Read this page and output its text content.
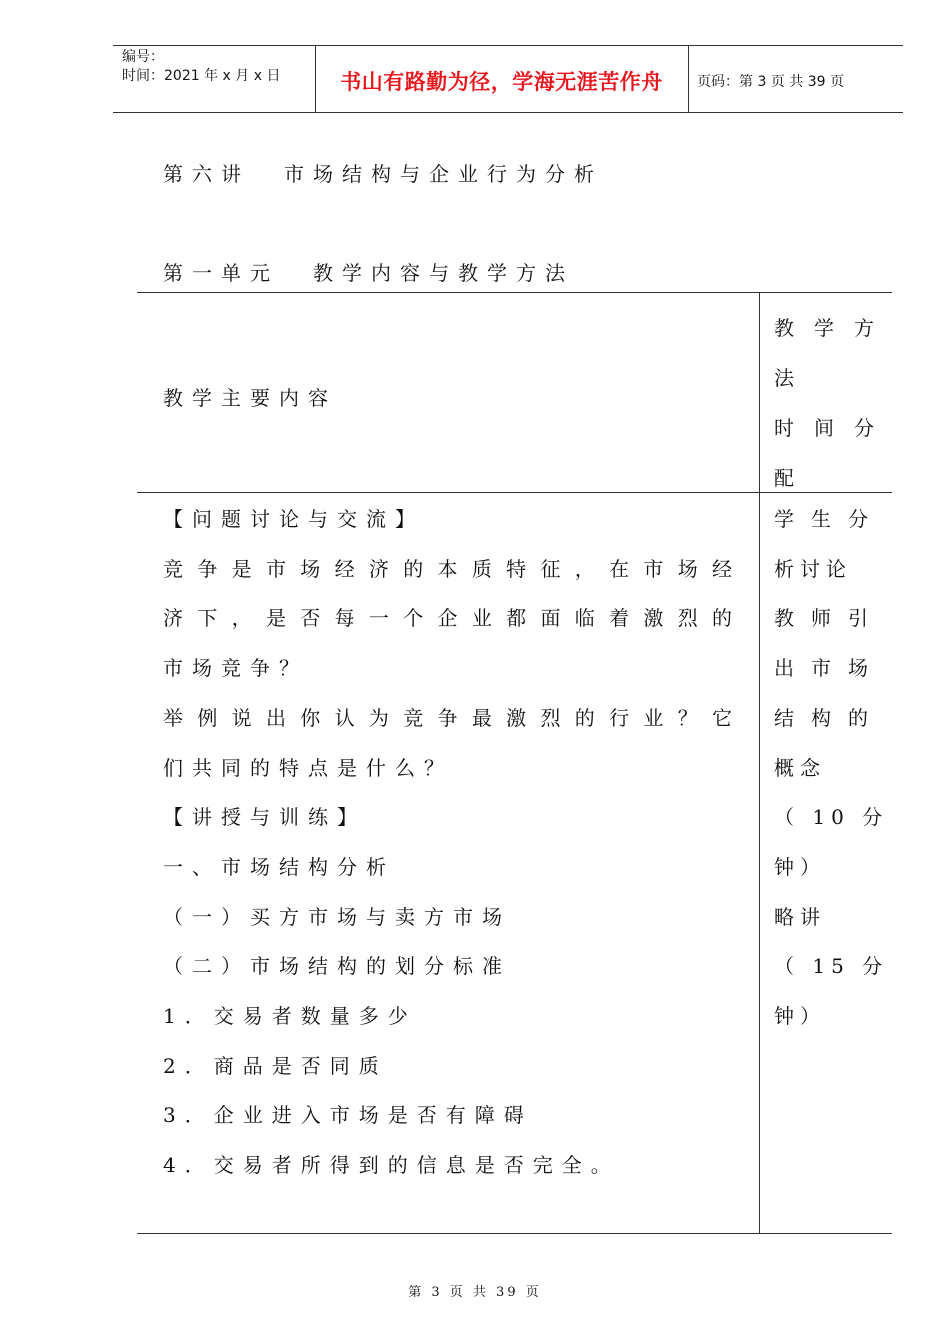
编号：
时间：2021 年 x 月 x 日	书山有路勤为径，学海无涯苦作舟	页码：第 3 页 共 39 页
第六讲 市场结构与企业行为分析
第一单元 教学内容与教学方法
教学主要内容
教 学 方
法
时 间 分
配
【问题讨论与交流】
竞 争 是 市 场 经 济 的 本 质 特 征 ， 在 市 场 经
济 下 ， 是 否 每 一 个 企 业 都 面 临 着 激 烈 的
市场竞争？
举 例 说 出 你 认 为 竞 争 最 激 烈 的 行 业 ？ 它
们共同的特点是什么？
【讲授与训练】
一、市场结构分析
（一）买方市场与卖方市场
（二）市场结构的划分标准
1．交易者数量多少
2．商品是否同质
3．企业进入市场是否有障碍
4．交易者所得到的信息是否完全。
学 生 分
析讨论
教 师 引
出 市 场
结 构 的
概念
（ 10 分
钟）
略讲
（ 15 分
钟）
第 3 页 共 39 页
